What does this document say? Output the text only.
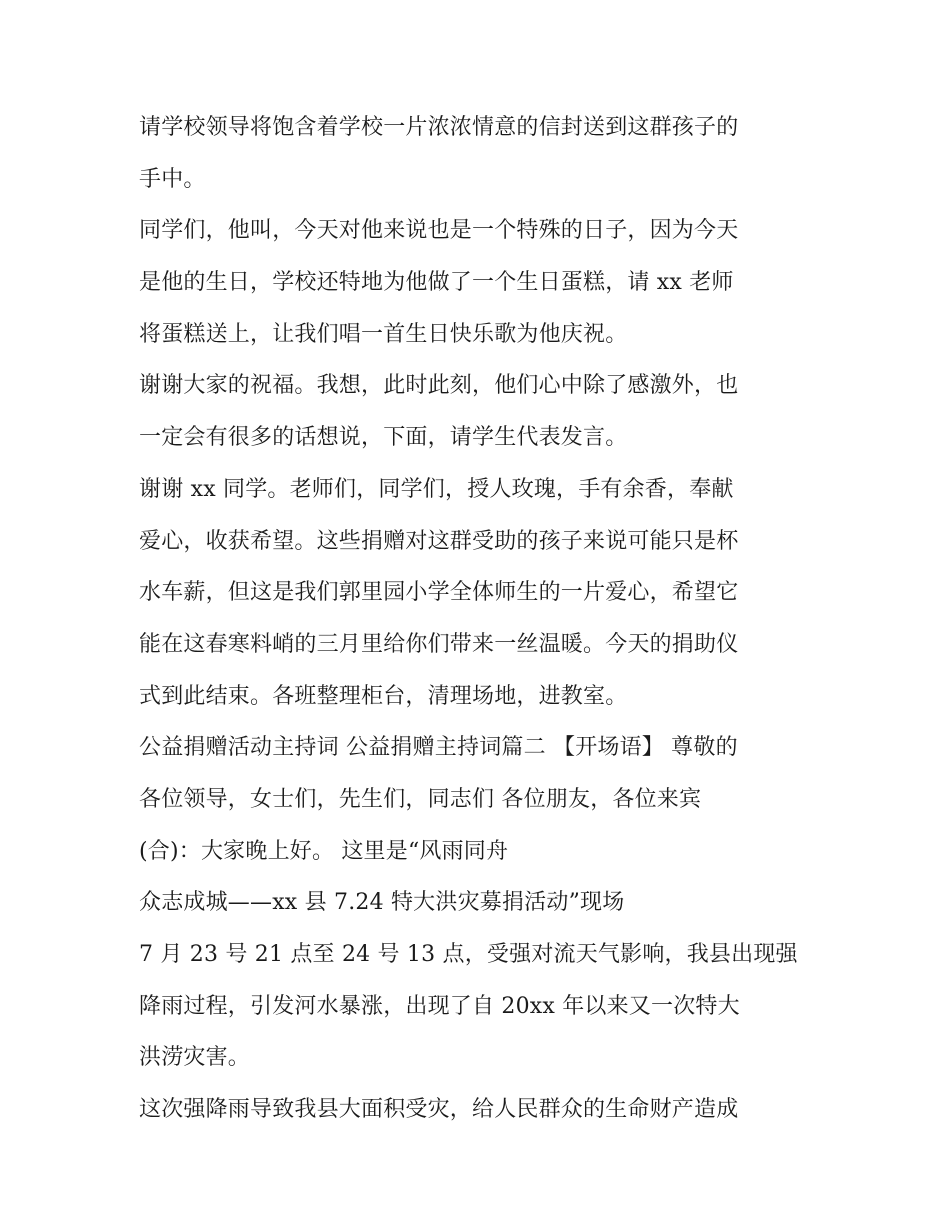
请学校领导将饱含着学校一片浓浓情意的信封送到这群孩子的
手中。
同学们，他叫，今天对他来说也是一个特殊的日子，因为今天
是他的生日，学校还特地为他做了一个生日蛋糕，请 xx 老师
将蛋糕送上，让我们唱一首生日快乐歌为他庆祝。
谢谢大家的祝福。我想，此时此刻，他们心中除了感激外，也
一定会有很多的话想说，下面，请学生代表发言。
谢谢 xx 同学。老师们，同学们，授人玫瑰，手有余香，奉献
爱心，收获希望。这些捐赠对这群受助的孩子来说可能只是杯
水车薪，但这是我们郭里园小学全体师生的一片爱心，希望它
能在这春寒料峭的三月里给你们带来一丝温暖。今天的捐助仪
式到此结束。各班整理柜台，清理场地，进教室。
公益捐赠活动主持词 公益捐赠主持词篇二 【开场语】 尊敬的
各位领导，女士们，先生们，同志们 各位朋友，各位来宾
(合)：大家晚上好。 这里是“风雨同舟
众志成城——xx 县 7.24 特大洪灾募捐活动”现场
7 月 23 号 21 点至 24 号 13 点，受强对流天气影响，我县出现强
降雨过程，引发河水暴涨，出现了自 20xx 年以来又一次特大
洪涝灾害。
这次强降雨导致我县大面积受灾，给人民群众的生命财产造成
